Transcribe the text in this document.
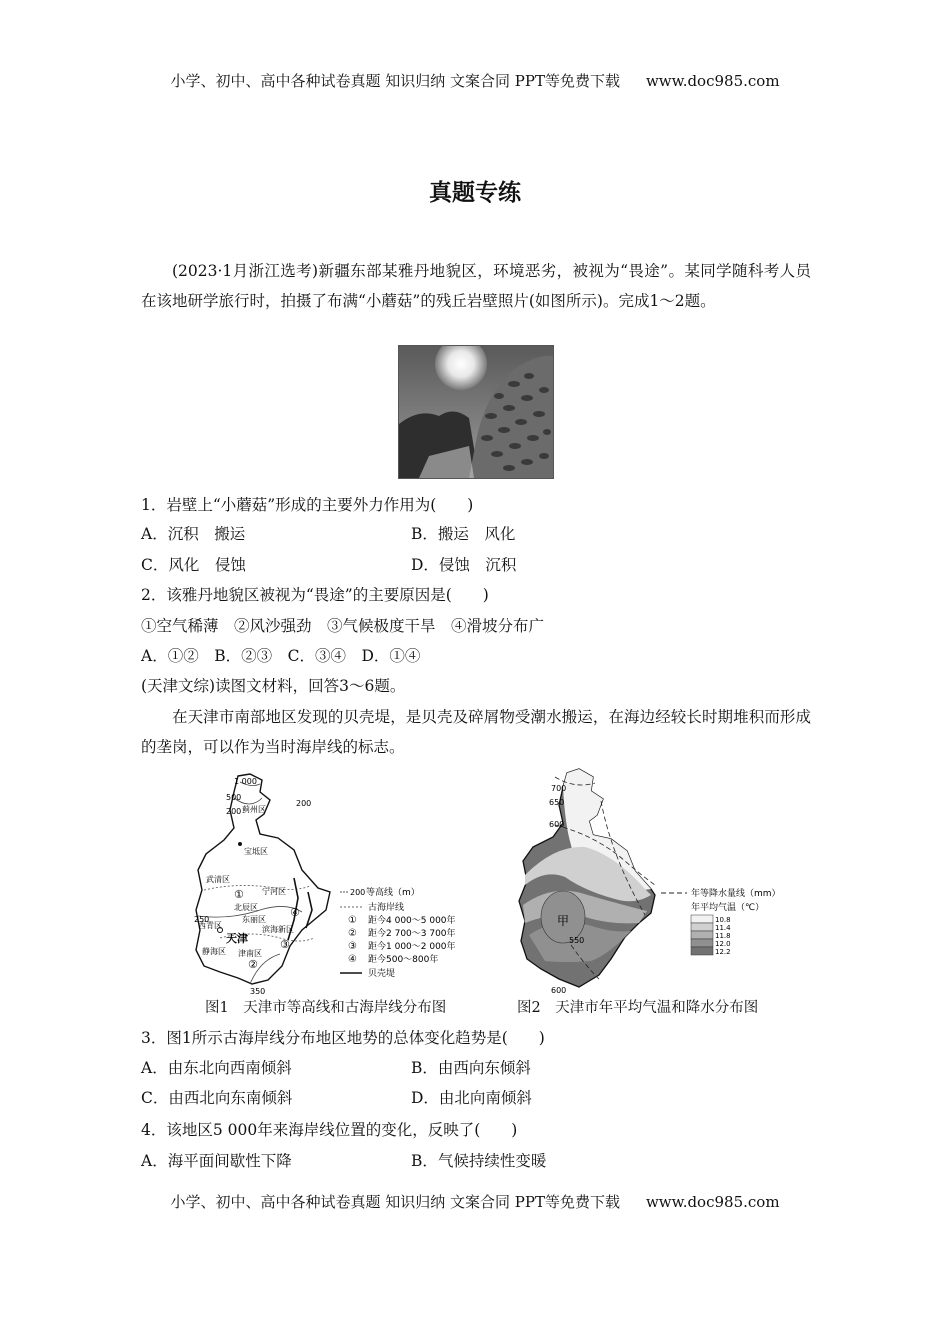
小学、初中、高中各种试卷真题 知识归纳 文案合同 PPT等免费下载 www.doc985.com
真题专练
(2023·1月浙江选考)新疆东部某雅丹地貌区，环境恶劣，被视为“畏途”。某同学随科考人员在该地研学旅行时，拍摄了布满“小蘑菇”的残丘岩壁照片(如图所示)。完成1～2题。
1．岩壁上“小蘑菇”形成的主要外力作用为(　　)
A．沉积　搬运	B．搬运　风化
C．风化　侵蚀	D．侵蚀　沉积
2．该雅丹地貌区被视为“畏途”的主要原因是(　　)
①空气稀薄　②风沙强劲　③气候极度干旱　④滑坡分布广
A．①②　B．②③　C．③④　D．①④
(天津文综)读图文材料，回答3～6题。
在天津市南部地区发现的贝壳堤，是贝壳及碎屑物受潮水搬运，在海边经较长时期堆积而形成的垄岗，可以作为当时海岸线的标志。
1 000
500
200
200
250
350
蓟州区
宝坻区
武清区
宁河区
北辰区
东丽区
西青区
天津
滨海新区
津南区
静海区
①
②
③
④
200 等高线（m）
古海岸线
① 距今4 000～5 000年
② 距今2 700～3 700年
③ 距今1 000～2 000年
④ 距今500～800年
贝壳堤
图1　天津市等高线和古海岸线分布图
700
650
600
550
600
甲
年等降水量线（mm）
年平均气温（℃）
10.8
11.4
11.8
12.0
12.2
图2　天津市年平均气温和降水分布图
3．图1所示古海岸线分布地区地势的总体变化趋势是(　　)
A．由东北向西南倾斜	B．由西向东倾斜
C．由西北向东南倾斜	D．由北向南倾斜
4．该地区5 000年来海岸线位置的变化，反映了(　　)
A．海平面间歇性下降	B．气候持续性变暖
小学、初中、高中各种试卷真题 知识归纳 文案合同 PPT等免费下载 www.doc985.com
